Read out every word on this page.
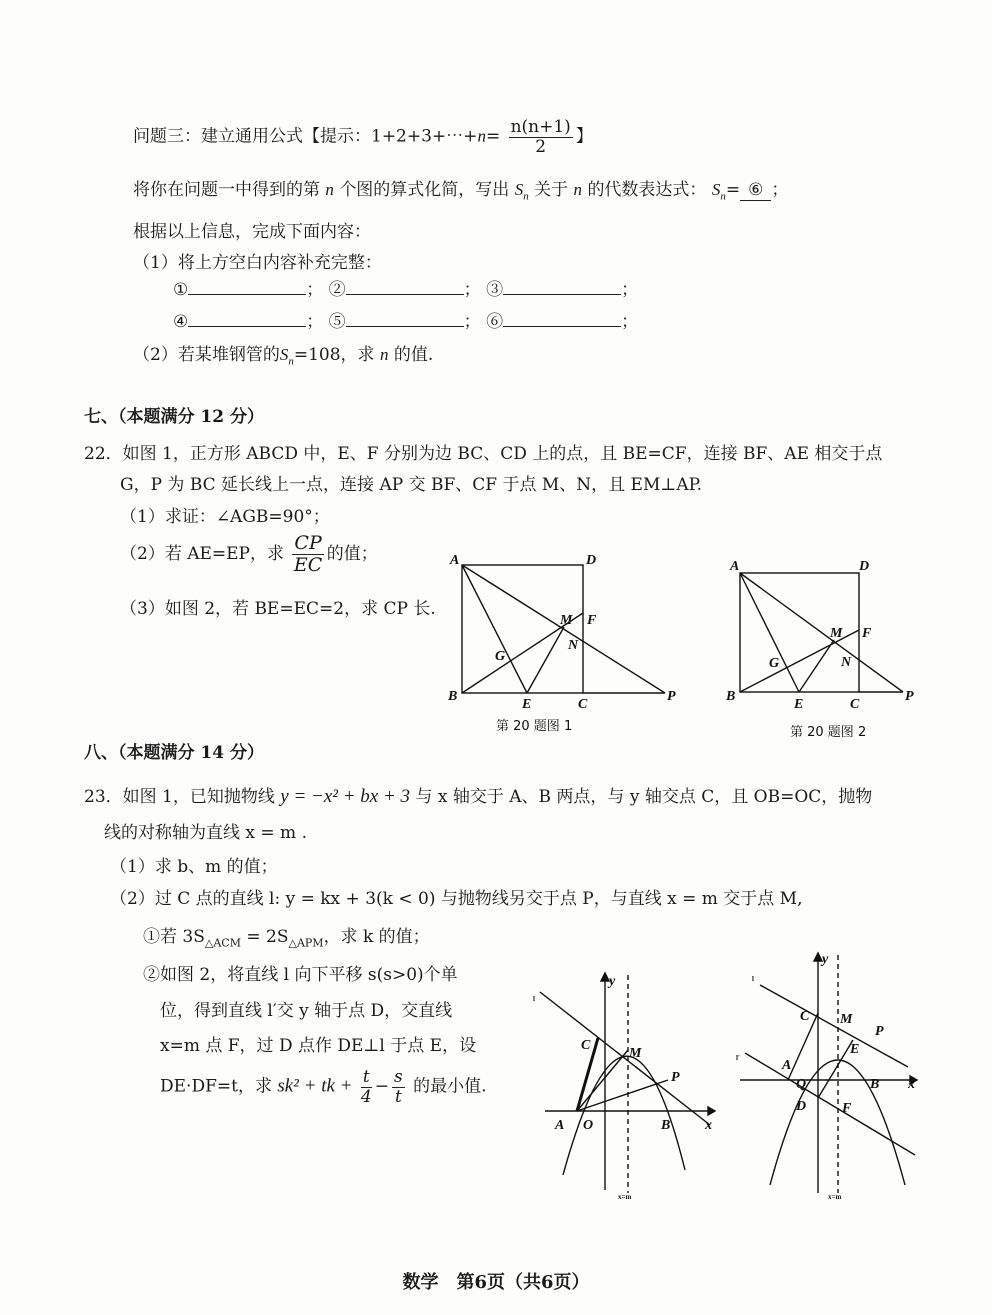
问题三：建立通用公式【提示：1+2+3+⋯+n= $\frac{n(n+1)}{2}$ 】
将你在问题一中得到的第 n 个图的算式化简，写出 $S_n$ 关于 n 的代数表达式： $S_n=$ ⑥ ；
根据以上信息，完成下面内容：
（1）将上方空白内容补充完整：
①	； ②	； ③	；
④	； ⑤	； ⑥	；
（2）若某堆钢管的$S_n=108$，求 n 的值.
七、（本题满分 12 分）
22．如图 1，正方形 ABCD 中，E、F 分别为边 BC、CD 上的点，且 BE=CF，连接 BF、AE 相交于点
G，P 为 BC 延长线上一点，连接 AP 交 BF、CF 于点 M、N，且 EM⊥AP.
（1）求证：∠AGB=90°；
（2）若 AE=EP，求 $\frac{CP}{EC}$ 的值；
（3）如图 2，若 BE=EC=2，求 CP 长.
A	D
M F
N
G
B
E	C
P
第 20 题图 1
A	D
M F
N
G
B
E	C
P
第 20 题图 2
八、（本题满分 14 分）
23．如图 1，已知抛物线 y = −x² + bx + 3 与 x 轴交于 A、B 两点，与 y 轴交点 C，且 OB=OC，抛物
线的对称轴为直线 x = m .
（1）求 b、m 的值；
（2）过 C 点的直线 l: y = kx + 3(k < 0) 与抛物线另交于点 P，与直线 x = m 交于点 M,
①若 $3S_{\triangle ACM} = 2S_{\triangle APM}$，求 k 的值；
②如图 2，将直线 l 向下平移 s(s>0)个单
位，得到直线 l′交 y 轴于点 D，交直线
x=m 点 F，过 D 点作 DE⊥l 于点 E，设
DE·DF=t，求 sk² + tk + $\frac{t}{4} - \frac{s}{t}$ 的最小值.
y
l
C
M
P
A O	B x
x=m
y
l
l′
C M
P
E
A
Q	B x
D	F
x=m
数学　第6页（共6页）
